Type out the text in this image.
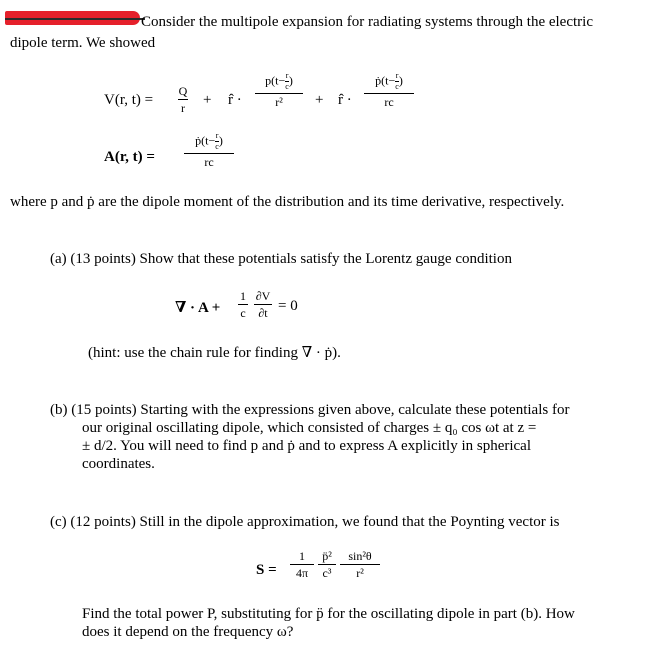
Consider the multipole expansion for radiating systems through the electric
dipole term. We showed
V(r, t) =
Q
r + r̂ ·
$p(t-\frac{r}{c})$
r²	+ r̂ ·
$ṗ(t-\frac{r}{c})$
rc
A(r, t) =
$ṗ(t-\frac{r}{c})$
rc
where p and ṗ are the dipole moment of the distribution and its time derivative, respectively.
(a) (13 points) Show that these potentials satisfy the Lorentz gauge condition
∇ · A +
1
c
∂V
∂t = 0
(hint: use the chain rule for finding ∇ · ṗ).
(b) (15 points) Starting with the expressions given above, calculate these potentials for
our original oscillating dipole, which consisted of charges ± q₀ cos ωt at z =
± d/2. You will need to find p and ṗ and to express A explicitly in spherical
coordinates.
(c) (12 points) Still in the dipole approximation, we found that the Poynting vector is
S =
1
4π
p̈²
c³
sin²θ
r²
Find the total power P, substituting for p̈ for the oscillating dipole in part (b). How
does it depend on the frequency ω?
